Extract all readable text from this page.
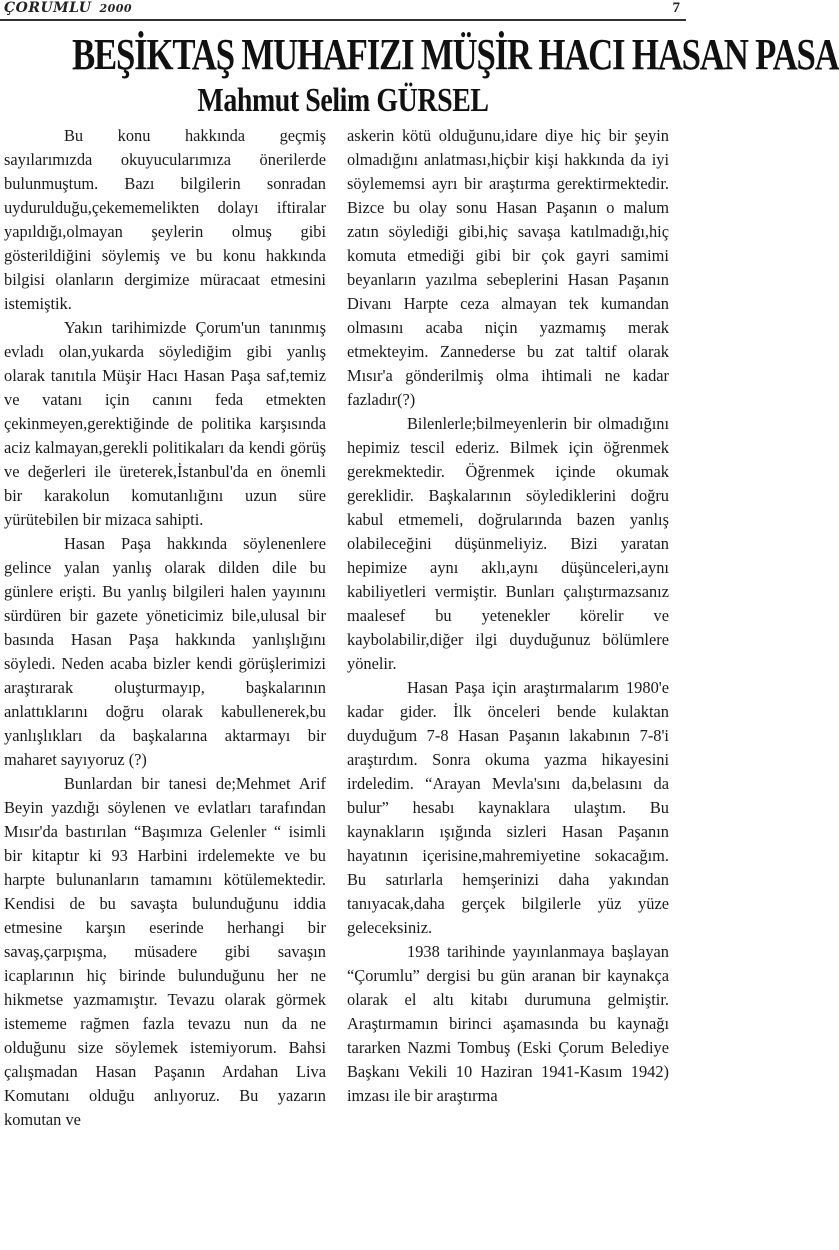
ÇORUMLU 2000	7
BEŞİKTAŞ MUHAFIZI MÜŞİR HACI HASAN PASA
Mahmut Selim GÜRSEL

Bu konu hakkında geçmiş sayılarımızda okuyucularımıza önerilerde bulunmuştum. Bazı bilgilerin sonradan uydurulduğu,çekememelikten dolayı iftiralar yapıldığı,olmayan şeylerin olmuş gibi gösterildiğini söylemiş ve bu konu hakkında bilgisi olanların dergimize müracaat etmesini istemiştik.

Yakın tarihimizde Çorum'un tanınmış evladı olan,yukarda söylediğim gibi yanlış olarak tanıtıla Müşir Hacı Hasan Paşa saf,temiz ve vatanı için canını feda etmekten çekinmeyen,gerektiğinde de politika karşısında aciz kalmayan,gerekli politikaları da kendi görüş ve değerleri ile üreterek,İstanbul'da en önemli bir karakolun komutanlığını uzun süre yürütebilen bir mizaca sahipti.

Hasan Paşa hakkında söylenenlere gelince yalan yanlış olarak dilden dile bu günlere erişti. Bu yanlış bilgileri halen yayınını sürdüren bir gazete yöneticimiz bile,ulusal bir basında Hasan Paşa hakkında yanlışlığını söyledi. Neden acaba bizler kendi görüşlerimizi araştırarak oluşturmayıp, başkalarının anlattıklarını doğru olarak kabullenerek,bu yanlışlıkları da başkalarına aktarmayı bir maharet sayıyoruz (?)

Bunlardan bir tanesi de;Mehmet Arif Beyin yazdığı söylenen ve evlatları tarafından Mısır'da bastırılan “Başımıza Gelenler “ isimli bir kitaptır ki 93 Harbini irdelemekte ve bu harpte bulunanların tamamını kötülemektedir. Kendisi de bu savaşta bulunduğunu iddia etmesine karşın eserinde herhangi bir savaş,çarpışma, müsadere gibi savaşın icaplarının hiç birinde bulunduğunu her ne hikmetse yazmamıştır. Tevazu olarak görmek istememe rağmen fazla tevazu nun da ne olduğunu size söylemek istemiyorum. Bahsi çalışmadan Hasan Paşanın Ardahan Liva Komutanı olduğu anlıyoruz. Bu yazarın komutan ve

askerin kötü olduğunu,idare diye hiç bir şeyin olmadığını anlatması,hiçbir kişi hakkında da iyi söylememsi ayrı bir araştırma gerektirmektedir. Bizce bu olay sonu Hasan Paşanın o malum zatın söylediği gibi,hiç savaşa katılmadığı,hiç komuta etmediği gibi bir çok gayri samimi beyanların yazılma sebeplerini Hasan Paşanın Divanı Harpte ceza almayan tek kumandan olmasını acaba niçin yazmamış merak etmekteyim. Zannederse bu zat taltif olarak Mısır'a gönderilmiş olma ihtimali ne kadar fazladır(?)

Bilenlerle;bilmeyenlerin bir olmadığını hepimiz tescil ederiz. Bilmek için öğrenmek gerekmektedir. Öğrenmek içinde okumak gereklidir. Başkalarının söylediklerini doğru kabul etmemeli, doğrularında bazen yanlış olabileceğini düşünmeliyiz. Bizi yaratan hepimize aynı aklı,aynı düşünceleri,aynı kabiliyetleri vermiştir. Bunları çalıştırmazsanız maalesef bu yetenekler körelir ve kaybolabilir,diğer ilgi duyduğunuz bölümlere yönelir.

Hasan Paşa için araştırmalarım 1980'e kadar gider. İlk önceleri bende kulaktan duyduğum 7-8 Hasan Paşanın lakabının 7-8'i araştırdım. Sonra okuma yazma hikayesini irdeledim. “Arayan Mevla'sını da,belasını da bulur” hesabı kaynaklara ulaştım. Bu kaynakların ışığında sizleri Hasan Paşanın hayatının içerisine,mahremiyetine sokacağım. Bu satırlarla hemşerinizi daha yakından tanıyacak,daha gerçek bilgilerle yüz yüze geleceksiniz.

1938 tarihinde yayınlanmaya başlayan “Çorumlu” dergisi bu gün aranan bir kaynakça olarak el altı kitabı durumuna gelmiştir. Araştırmamın birinci aşamasında bu kaynağı tararken Nazmi Tombuş (Eski Çorum Belediye Başkanı Vekili 10 Haziran 1941-Kasım 1942) imzası ile bir araştırma
